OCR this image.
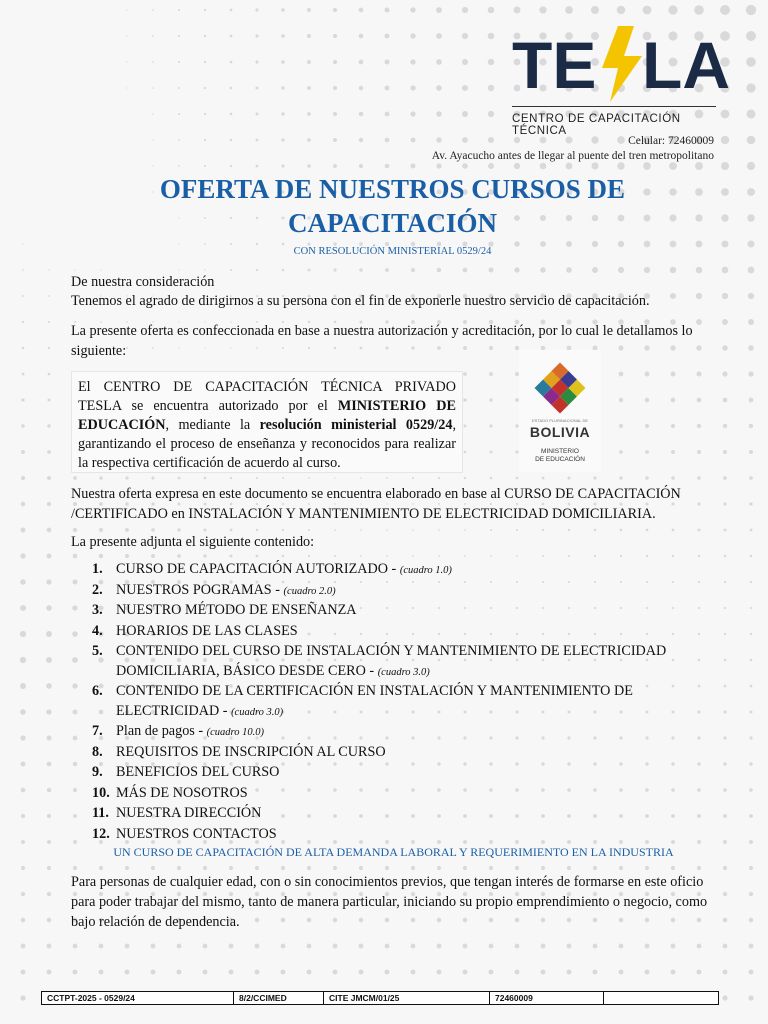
TE LA
CENTRO DE CAPACITACIÓN TÉCNICA
Celular: 72460009
Av. Ayacucho antes de llegar al puente del tren metropolitano
OFERTA DE NUESTROS CURSOS DE
CAPACITACIÓN
CON RESOLUCIÓN MINISTERIAL 0529/24
De nuestra consideración
Tenemos el agrado de dirigirnos a su persona con el fin de exponerle nuestro servicio de capacitación.
La presente oferta es confeccionada en base a nuestra autorización y acreditación, por lo cual le detallamos lo siguiente:

El CENTRO DE CAPACITACIÓN TÉCNICA PRIVADO TESLA se encuentra autorizado por el MINISTERIO DE EDUCACIÓN, mediante la resolución ministerial 0529/24, garantizando el proceso de enseñanza y reconocidos para realizar la respectiva certificación de acuerdo al curso.

ESTADO PLURINACIONAL DE
BOLIVIA
MINISTERIO
DE EDUCACIÓN
Nuestra oferta expresa en este documento se encuentra elaborado en base al CURSO DE CAPACITACIÓN /CERTIFICADO en INSTALACIÓN Y MANTENIMIENTO DE ELECTRICIDAD DOMICILIARIA.
La presente adjunta el siguiente contenido:
1. CURSO DE CAPACITACIÓN AUTORIZADO - (cuadro 1.0)
2. NUESTROS POGRAMAS - (cuadro 2.0)
3. NUESTRO MÉTODO DE ENSEÑANZA
4. HORARIOS DE LAS CLASES
5. CONTENIDO DEL CURSO DE INSTALACIÓN Y MANTENIMIENTO DE ELECTRICIDAD DOMICILIARIA, BÁSICO DESDE CERO - (cuadro 3.0)
6. CONTENIDO DE LA CERTIFICACIÓN EN INSTALACIÓN Y MANTENIMIENTO DE ELECTRICIDAD - (cuadro 3.0)
7. Plan de pagos - (cuadro 10.0)
8. REQUISITOS DE INSCRIPCIÓN AL CURSO
9. BENEFICIOS DEL CURSO
10. MÁS DE NOSOTROS
11. NUESTRA DIRECCIÓN
12. NUESTROS CONTACTOS
UN CURSO DE CAPACITACIÓN DE ALTA DEMANDA LABORAL Y REQUERIMIENTO EN LA INDUSTRIA
Para personas de cualquier edad, con o sin conocimientos previos, que tengan interés de formarse en este oficio para poder trabajar del mismo, tanto de manera particular, iniciando su propio emprendimiento o negocio, como bajo relación de dependencia.
CCTPT-2025 - 0529/24	8/2/CCIMED	CITE JMCM/01/25	72460009
